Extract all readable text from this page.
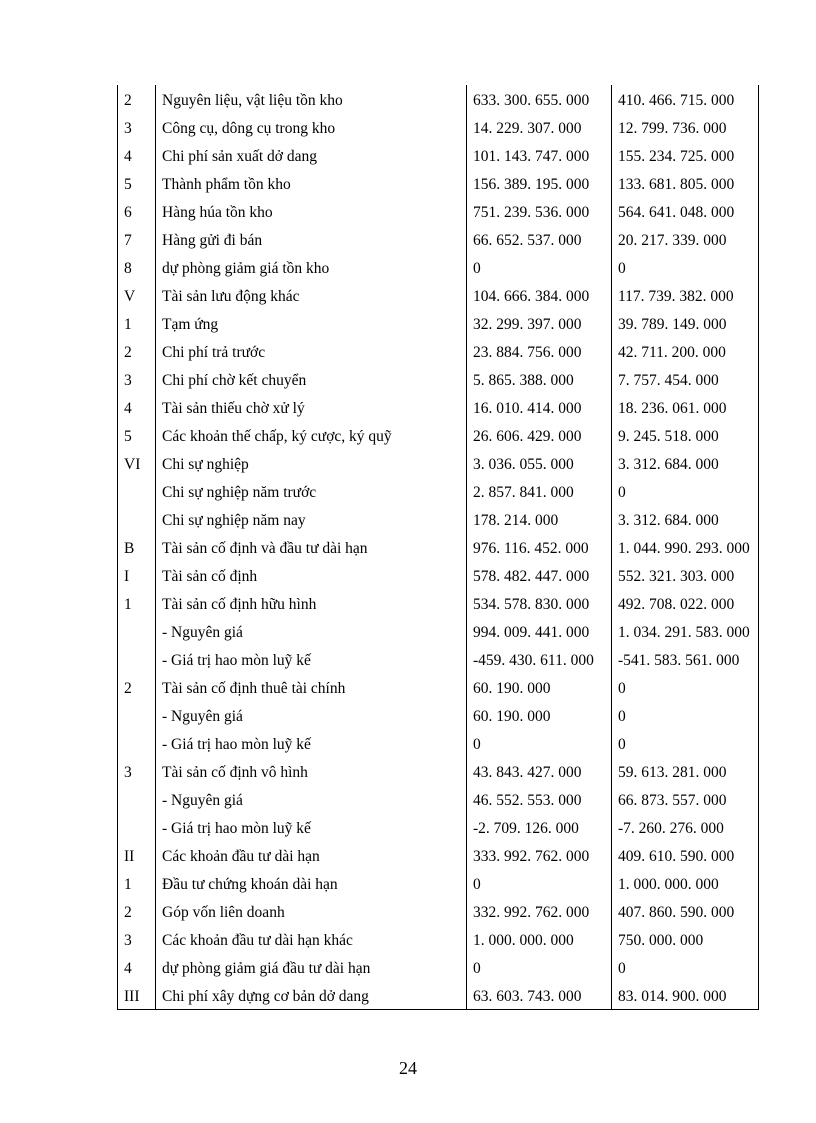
2	Nguyên liệu, vật liệu tồn kho	633. 300. 655. 000	410. 466. 715. 000
3	Công cụ, dông cụ trong kho	14. 229. 307. 000	12. 799. 736. 000
4	Chi phí sản xuất dở dang	101. 143. 747. 000	155. 234. 725. 000
5	Thành phẩm tồn kho	156. 389. 195. 000	133. 681. 805. 000
6	Hàng húa tồn kho	751. 239. 536. 000	564. 641. 048. 000
7	Hàng gửi đi bán	66. 652. 537. 000	20. 217. 339. 000
8	dự phòng giảm giá tồn kho	0	0
V	Tài sản lưu động khác	104. 666. 384. 000	117. 739. 382. 000
1	Tạm ứng	32. 299. 397. 000	39. 789. 149. 000
2	Chi phí trả trước	23. 884. 756. 000	42. 711. 200. 000
3	Chi phí chờ kết chuyển	5. 865. 388. 000	7. 757. 454. 000
4	Tài sản thiếu chờ xử lý	16. 010. 414. 000	18. 236. 061. 000
5	Các khoản thế chấp, ký cược, ký quỹ	26. 606. 429. 000	9. 245. 518. 000
VI	Chi sự nghiệp	3. 036. 055. 000	3. 312. 684. 000
	Chi sự nghiệp năm trước	2. 857. 841. 000	0
	Chi sự nghiệp năm nay	178. 214. 000	3. 312. 684. 000
B	Tài sản cố định và đầu tư dài hạn	976. 116. 452. 000	1. 044. 990. 293. 000
I	Tài sản cố định	578. 482. 447. 000	552. 321. 303. 000
1	Tài sản cố định hữu hình	534. 578. 830. 000	492. 708. 022. 000
	- Nguyên giá	994. 009. 441. 000	1. 034. 291. 583. 000
	- Giá trị hao mòn luỹ kế	-459. 430. 611. 000	-541. 583. 561. 000
2	Tài sản cố định thuê tài chính	60. 190. 000	0
	- Nguyên giá	60. 190. 000	0
	- Giá trị hao mòn luỹ kế	0	0
3	Tài sản cố định vô hình	43. 843. 427. 000	59. 613. 281. 000
	- Nguyên giá	46. 552. 553. 000	66. 873. 557. 000
	- Giá trị hao mòn luỹ kế	-2. 709. 126. 000	-7. 260. 276. 000
II	Các khoản đầu tư dài hạn	333. 992. 762. 000	409. 610. 590. 000
1	Đầu tư chứng khoán dài hạn	0	1. 000. 000. 000
2	Góp vốn liên doanh	332. 992. 762. 000	407. 860. 590. 000
3	Các khoản đầu tư dài hạn khác	1. 000. 000. 000	750. 000. 000
4	dự phòng giảm giá đầu tư dài hạn	0	0
III	Chi phí xây dựng cơ bản dở dang	63. 603. 743. 000	83. 014. 900. 000
24
